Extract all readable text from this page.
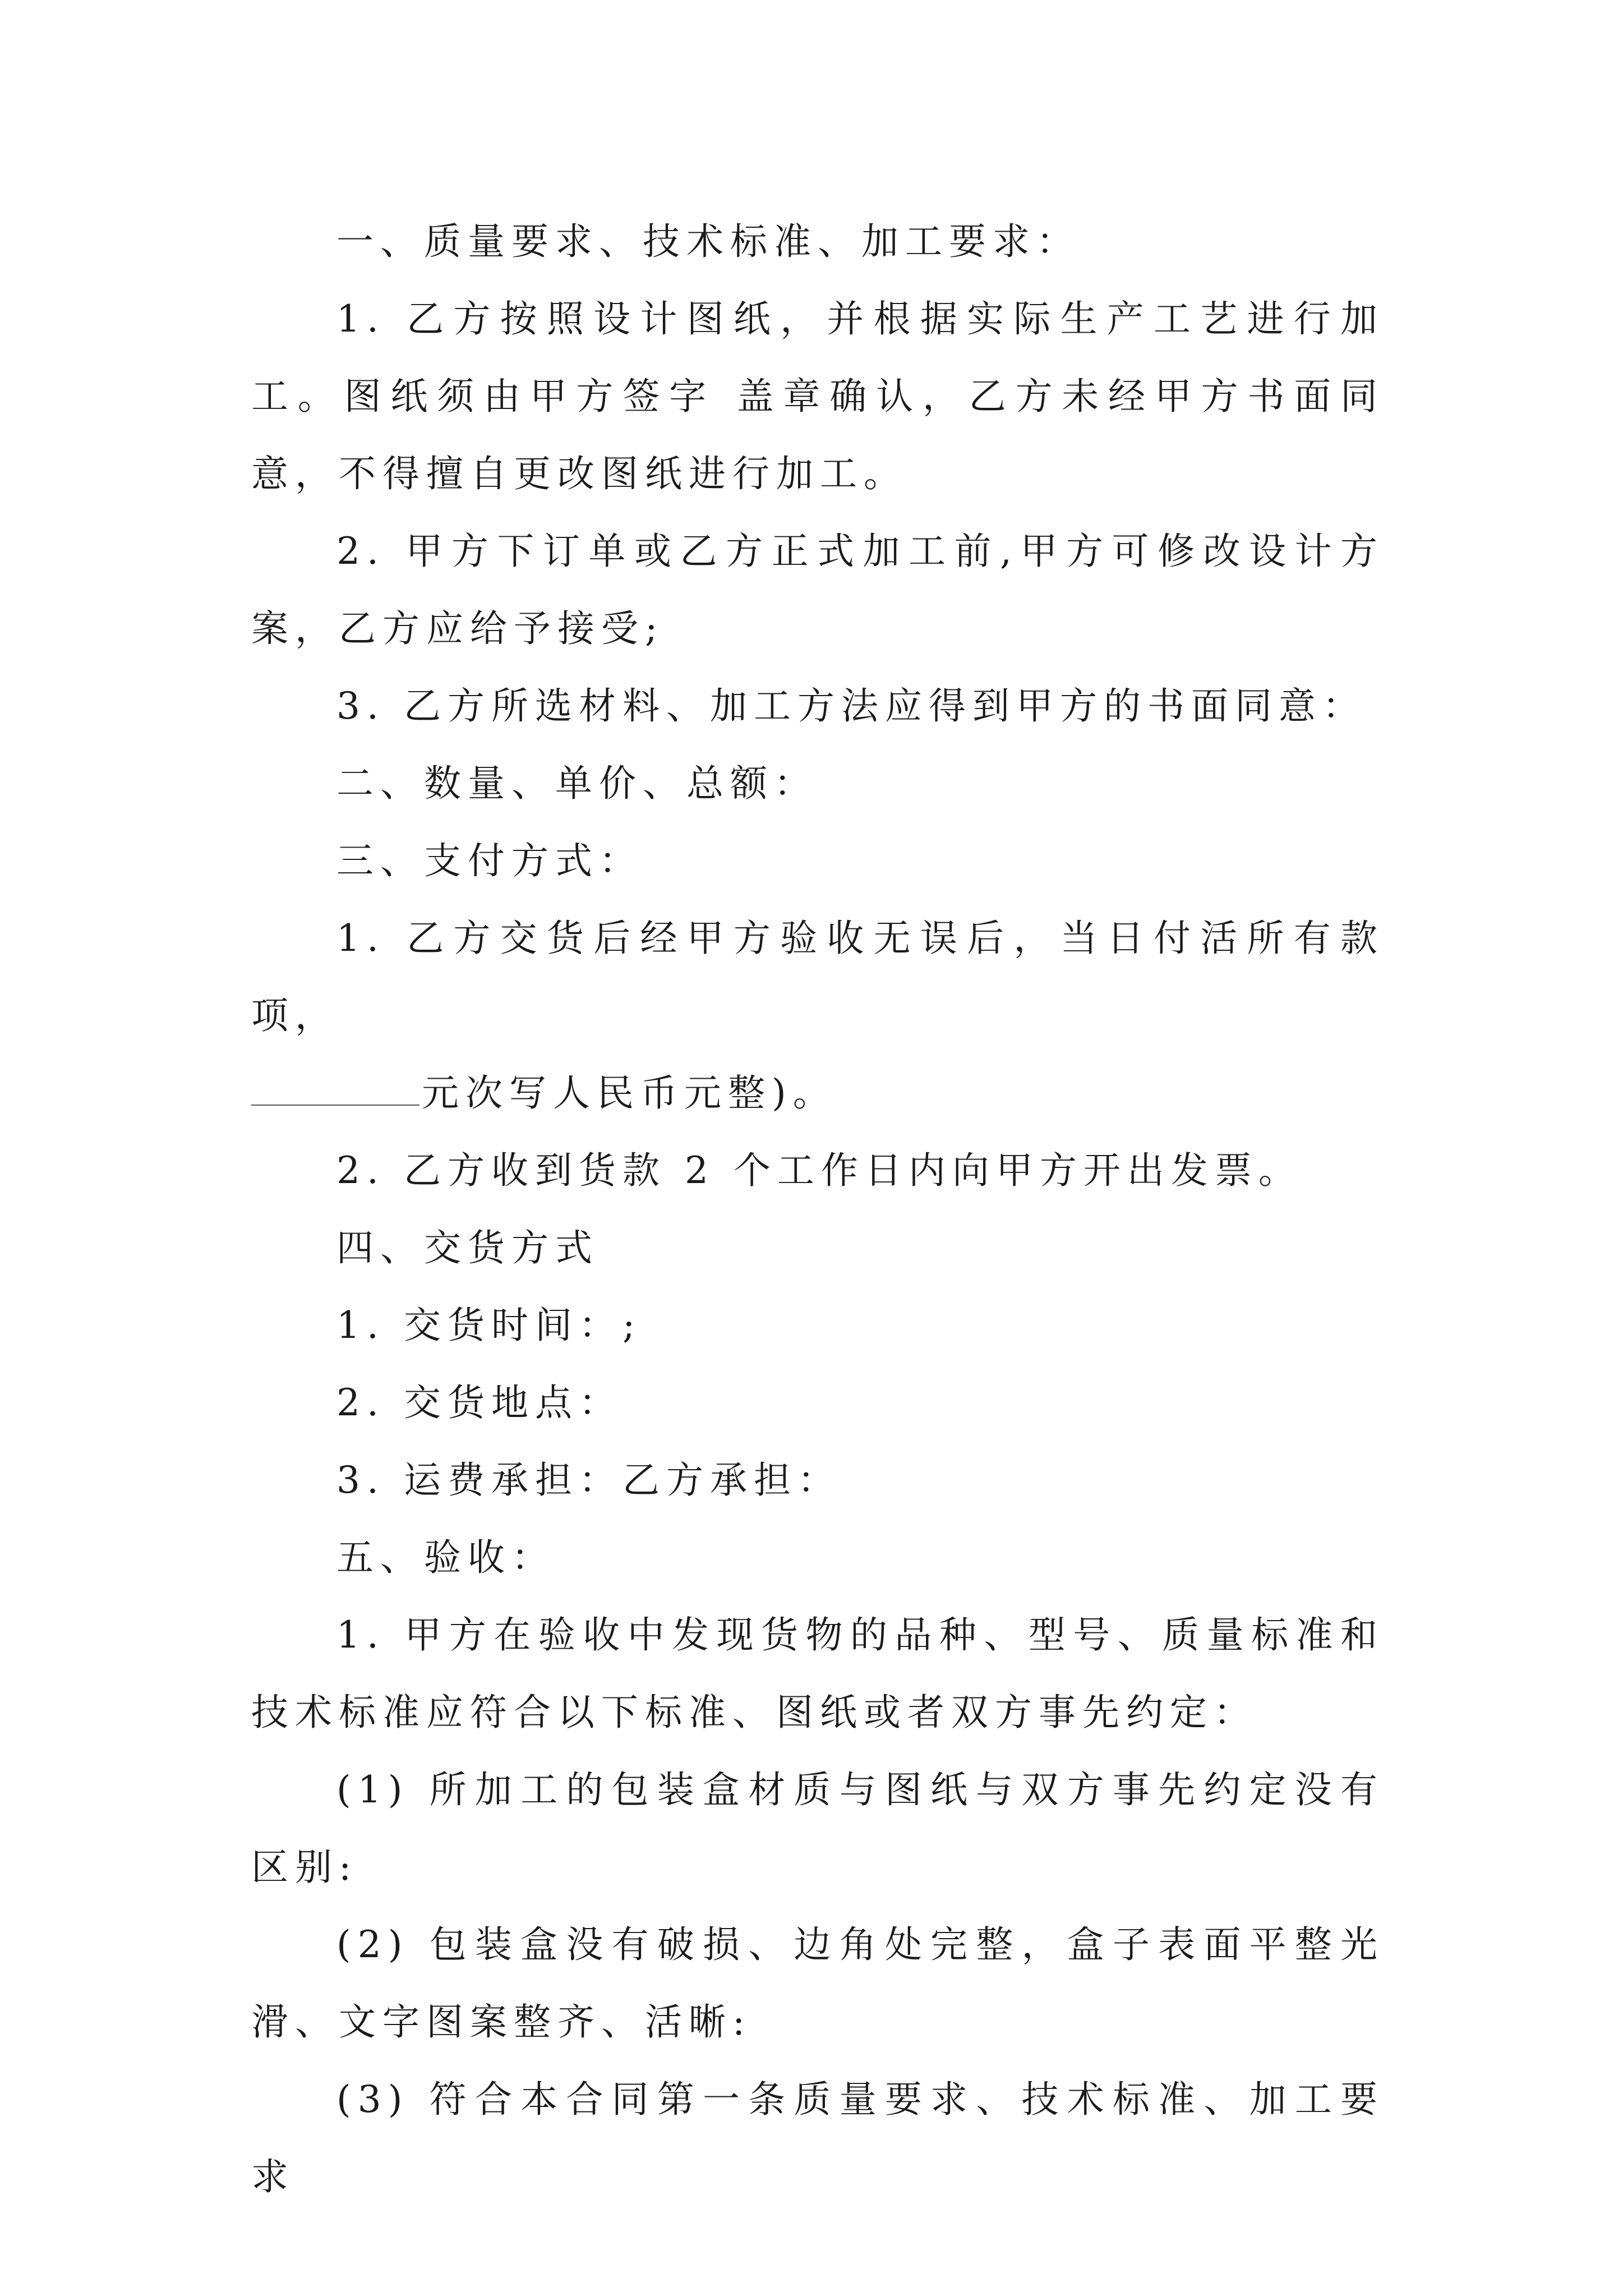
一、质量要求、技术标准、加工要求：

1. 乙方按照设计图纸，并根据实际生产工艺进行加工。图纸须由甲方签字 盖章确认，乙方未经甲方书面同意，不得擅自更改图纸进行加工。

2. 甲方下订单或乙方正式加工前,甲方可修改设计方案，乙方应给予接受;

3. 乙方所选材料、加工方法应得到甲方的书面同意：

二、数量、单价、总额：

三、支付方式：

1. 乙方交货后经甲方验收无误后，当日付活所有款项，

元次写人民币元整)。

2. 乙方收到货款 2 个工作日内向甲方开出发票。

四、交货方式

1. 交货时间：;

2. 交货地点：

3. 运费承担：乙方承担：

五、验收：

1. 甲方在验收中发现货物的品种、型号、质量标准和技术标准应符合以下标准、图纸或者双方事先约定：

(1) 所加工的包装盒材质与图纸与双方事先约定没有区别:

(2) 包装盒没有破损、边角处完整，盒子表面平整光滑、文字图案整齐、活晰:

(3) 符合本合同第一条质量要求、技术标准、加工要求
